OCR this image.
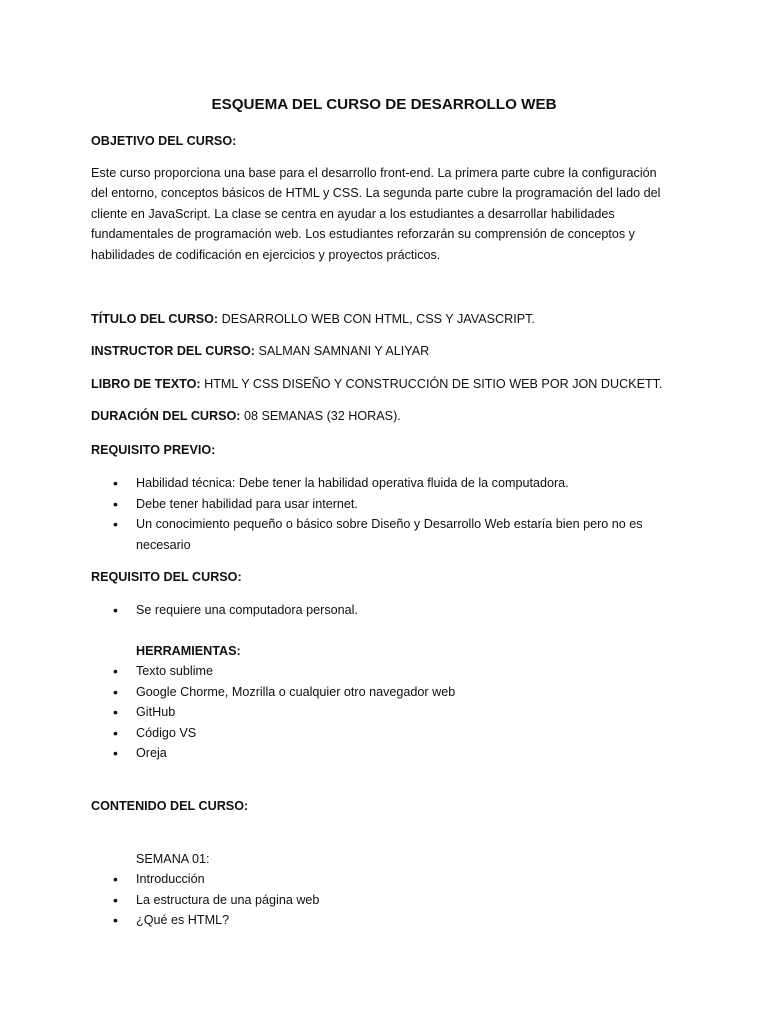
ESQUEMA DEL CURSO DE DESARROLLO WEB
OBJETIVO DEL CURSO:
Este curso proporciona una base para el desarrollo front-end. La primera parte cubre la configuración
del entorno, conceptos básicos de HTML y CSS. La segunda parte cubre la programación del lado del
cliente en JavaScript. La clase se centra en ayudar a los estudiantes a desarrollar habilidades
fundamentales de programación web. Los estudiantes reforzarán su comprensión de conceptos y
habilidades de codificación en ejercicios y proyectos prácticos.
TÍTULO DEL CURSO: DESARROLLO WEB CON HTML, CSS Y JAVASCRIPT.
INSTRUCTOR DEL CURSO: SALMAN SAMNANI Y ALIYAR
LIBRO DE TEXTO: HTML Y CSS DISEÑO Y CONSTRUCCIÓN DE SITIO WEB POR JON DUCKETT.
DURACIÓN DEL CURSO: 08 SEMANAS (32 HORAS).
REQUISITO PREVIO:
• Habilidad técnica: Debe tener la habilidad operativa fluida de la computadora.
• Debe tener habilidad para usar internet.
• Un conocimiento pequeño o básico sobre Diseño y Desarrollo Web estaría bien pero no es
necesario
REQUISITO DEL CURSO:
• Se requiere una computadora personal.
HERRAMIENTAS:
• Texto sublime
• Google Chorme, Mozrilla o cualquier otro navegador web
• GitHub
• Código VS
• Oreja
CONTENIDO DEL CURSO:
SEMANA 01:
• Introducción
• La estructura de una página web
• ¿Qué es HTML?
